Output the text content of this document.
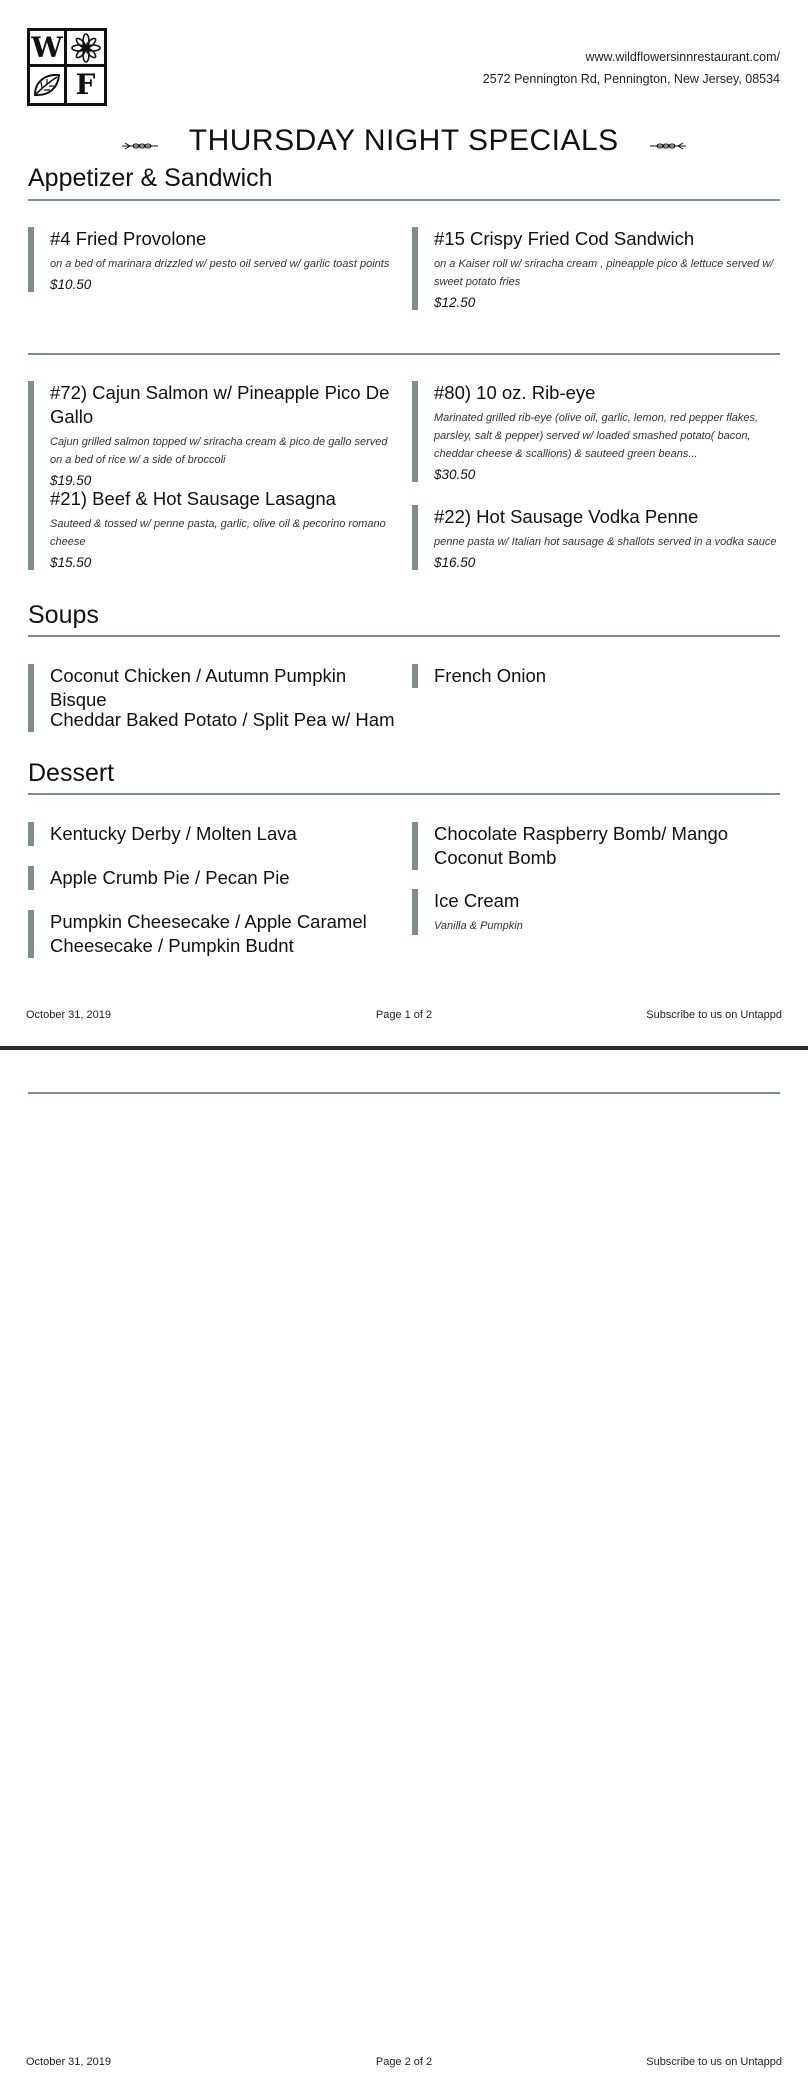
W
F
www.wildflowersinnrestaurant.com/
2572 Pennington Rd, Pennington, New Jersey, 08534
THURSDAY NIGHT SPECIALS
Appetizer & Sandwich
#4 Fried Provolone
on a bed of marinara drizzled w/ pesto oil served w/ garlic toast points
$10.50
#15 Crispy Fried Cod Sandwich
on a Kaiser roll w/ sriracha cream , pineapple pico & lettuce served w/ sweet potato fries
$12.50
#72) Cajun Salmon w/ Pineapple Pico De Gallo
Cajun grilled salmon topped w/ sriracha cream & pico de gallo served on a bed of rice w/ a side of broccoli
$19.50
#21) Beef & Hot Sausage Lasagna
Sauteed & tossed w/ penne pasta, garlic, olive oil & pecorino romano cheese
$15.50
#80) 10 oz. Rib-eye
Marinated grilled rib-eye (olive oil, garlic, lemon, red pepper flakes, parsley, salt & pepper) served w/ loaded smashed potato( bacon, cheddar cheese & scallions) & sauteed green beans...
$30.50
#22) Hot Sausage Vodka Penne
penne pasta w/ Italian hot sausage & shallots served in a vodka sauce
$16.50
Soups
Coconut Chicken / Autumn Pumpkin Bisque
French Onion
Cheddar Baked Potato / Split Pea w/ Ham
Dessert
Kentucky Derby / Molten Lava	Chocolate Raspberry Bomb/ Mango Coconut Bomb
Apple Crumb Pie / Pecan Pie
Ice Cream
Vanilla & Pumpkin
Pumpkin Cheesecake / Apple Caramel Cheesecake / Pumpkin Budnt
October 31, 2019	Page 1 of 2	Subscribe to us on Untappd
October 31, 2019	Page 2 of 2	Subscribe to us on Untappd
